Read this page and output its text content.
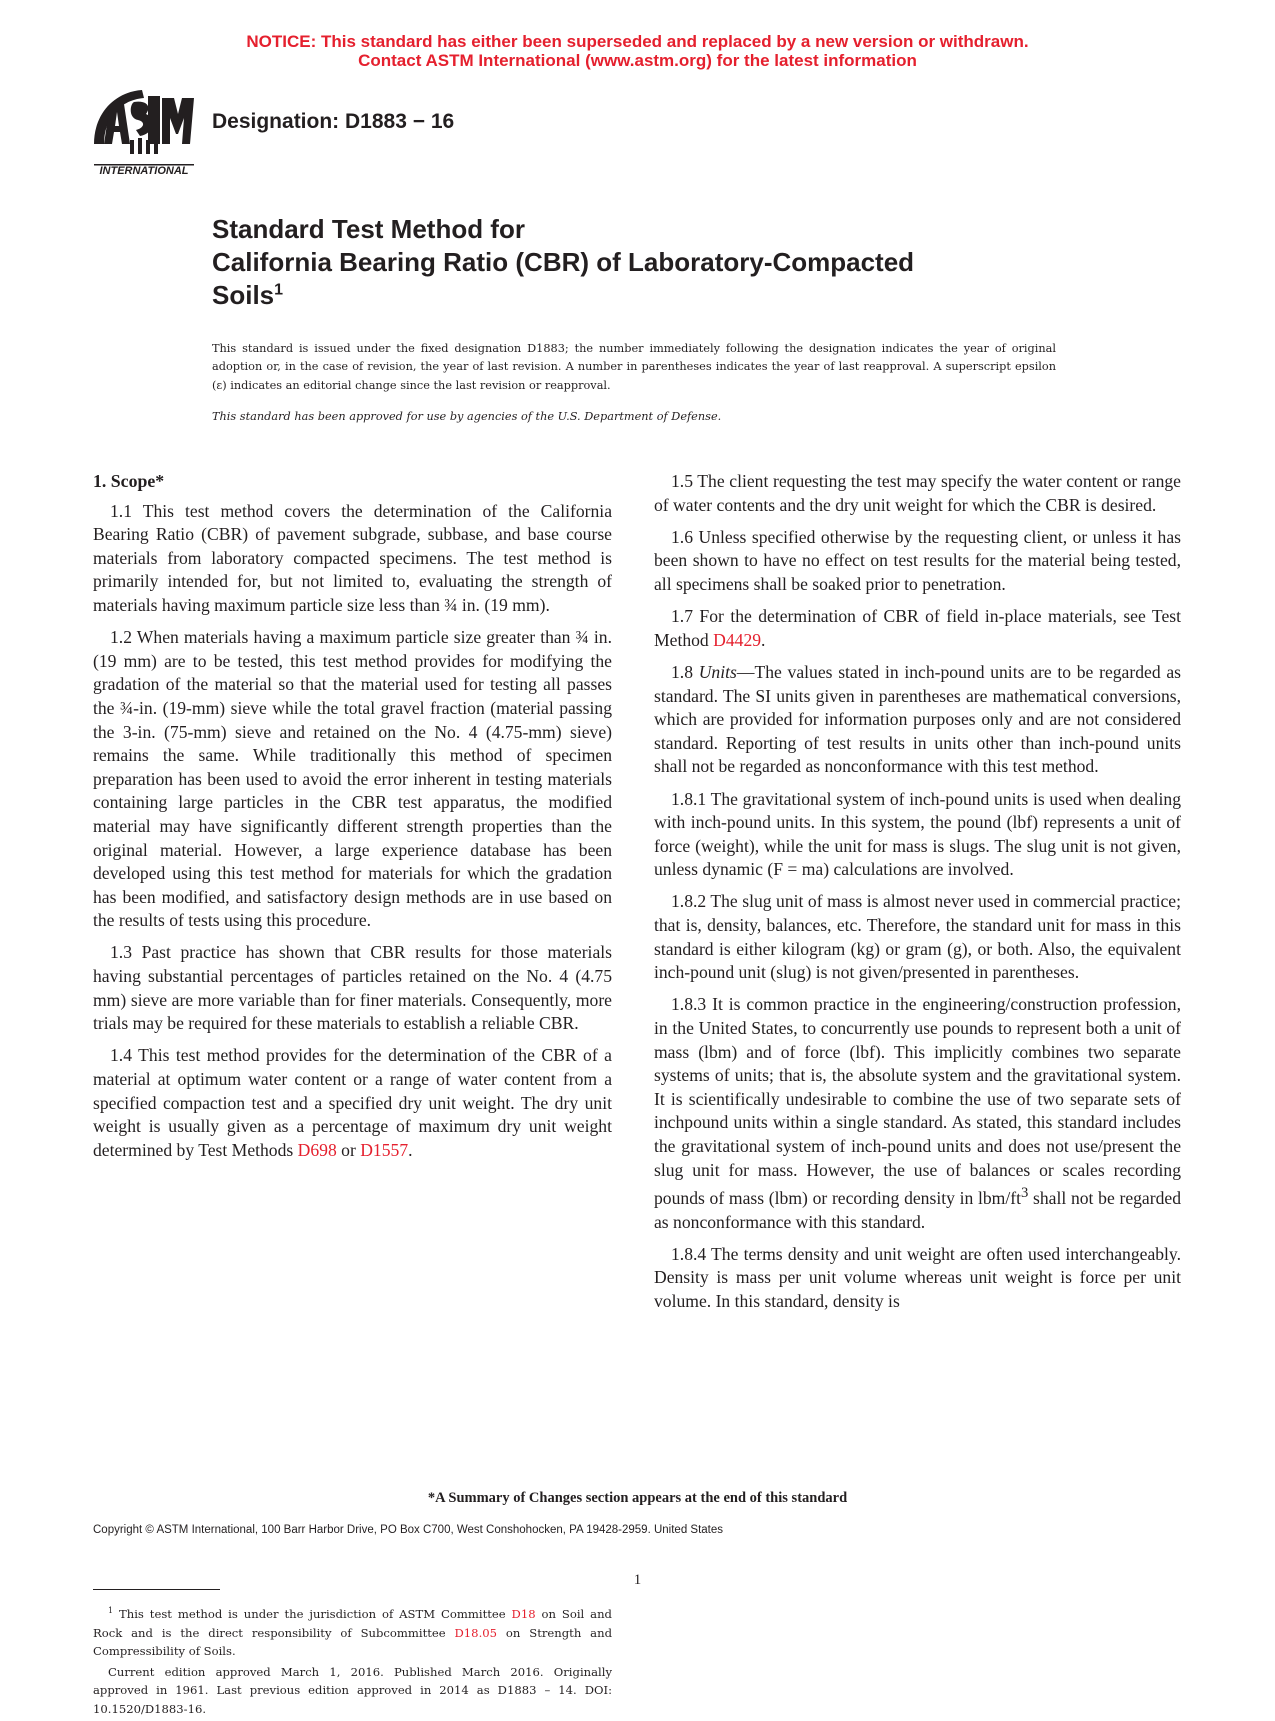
NOTICE: This standard has either been superseded and replaced by a new version or withdrawn.
Contact ASTM International (www.astm.org) for the latest information
INTERNATIONAL
Designation: D1883 − 16
Standard Test Method for
California Bearing Ratio (CBR) of Laboratory-Compacted
Soils$^1$
This standard is issued under the fixed designation D1883; the number immediately following the designation indicates the year of original adoption or, in the case of revision, the year of last revision. A number in parentheses indicates the year of last reapproval. A superscript epsilon (ε) indicates an editorial change since the last revision or reapproval.
This standard has been approved for use by agencies of the U.S. Department of Defense.
1. Scope*

1.1 This test method covers the determination of the California Bearing Ratio (CBR) of pavement subgrade, subbase, and base course materials from laboratory compacted specimens. The test method is primarily intended for, but not limited to, evaluating the strength of materials having maximum particle size less than ¾ in. (19 mm).

1.2 When materials having a maximum particle size greater than ¾ in. (19 mm) are to be tested, this test method provides for modifying the gradation of the material so that the material used for testing all passes the ¾-in. (19-mm) sieve while the total gravel fraction (material passing the 3-in. (75-mm) sieve and retained on the No. 4 (4.75-mm) sieve) remains the same. While traditionally this method of specimen preparation has been used to avoid the error inherent in testing materials containing large particles in the CBR test apparatus, the modified material may have significantly different strength properties than the original material. However, a large experience database has been developed using this test method for materials for which the gradation has been modified, and satisfactory design methods are in use based on the results of tests using this procedure.

1.3 Past practice has shown that CBR results for those materials having substantial percentages of particles retained on the No. 4 (4.75 mm) sieve are more variable than for finer materials. Consequently, more trials may be required for these materials to establish a reliable CBR.

1.4 This test method provides for the determination of the CBR of a material at optimum water content or a range of water content from a specified compaction test and a specified dry unit weight. The dry unit weight is usually given as a percentage of maximum dry unit weight determined by Test Methods D698 or D1557.

1.5 The client requesting the test may specify the water content or range of water contents and the dry unit weight for which the CBR is desired.

1.6 Unless specified otherwise by the requesting client, or unless it has been shown to have no effect on test results for the material being tested, all specimens shall be soaked prior to penetration.

1.7 For the determination of CBR of field in-place materials, see Test Method D4429.

1.8 Units—The values stated in inch-pound units are to be regarded as standard. The SI units given in parentheses are mathematical conversions, which are provided for information purposes only and are not considered standard. Reporting of test results in units other than inch-pound units shall not be regarded as nonconformance with this test method.

1.8.1 The gravitational system of inch-pound units is used when dealing with inch-pound units. In this system, the pound (lbf) represents a unit of force (weight), while the unit for mass is slugs. The slug unit is not given, unless dynamic (F = ma) calculations are involved.

1.8.2 The slug unit of mass is almost never used in commercial practice; that is, density, balances, etc. Therefore, the standard unit for mass in this standard is either kilogram (kg) or gram (g), or both. Also, the equivalent inch-pound unit (slug) is not given/presented in parentheses.

1.8.3 It is common practice in the engineering/construction profession, in the United States, to concurrently use pounds to represent both a unit of mass (lbm) and of force (lbf). This implicitly combines two separate systems of units; that is, the absolute system and the gravitational system. It is scientifically undesirable to combine the use of two separate sets of inchpound units within a single standard. As stated, this standard includes the gravitational system of inch-pound units and does not use/present the slug unit for mass. However, the use of balances or scales recording pounds of mass (lbm) or recording density in lbm/$ft^3$ shall not be regarded as nonconformance with this standard.

1.8.4 The terms density and unit weight are often used interchangeably. Density is mass per unit volume whereas unit weight is force per unit volume. In this standard, density is

$^1$ This test method is under the jurisdiction of ASTM Committee D18 on Soil and Rock and is the direct responsibility of Subcommittee D18.05 on Strength and Compressibility of Soils.

Current edition approved March 1, 2016. Published March 2016. Originally approved in 1961. Last previous edition approved in 2014 as D1883 – 14. DOI: 10.1520/D1883-16.

*A Summary of Changes section appears at the end of this standard
Copyright © ASTM International, 100 Barr Harbor Drive, PO Box C700, West Conshohocken, PA 19428-2959. United States
1
